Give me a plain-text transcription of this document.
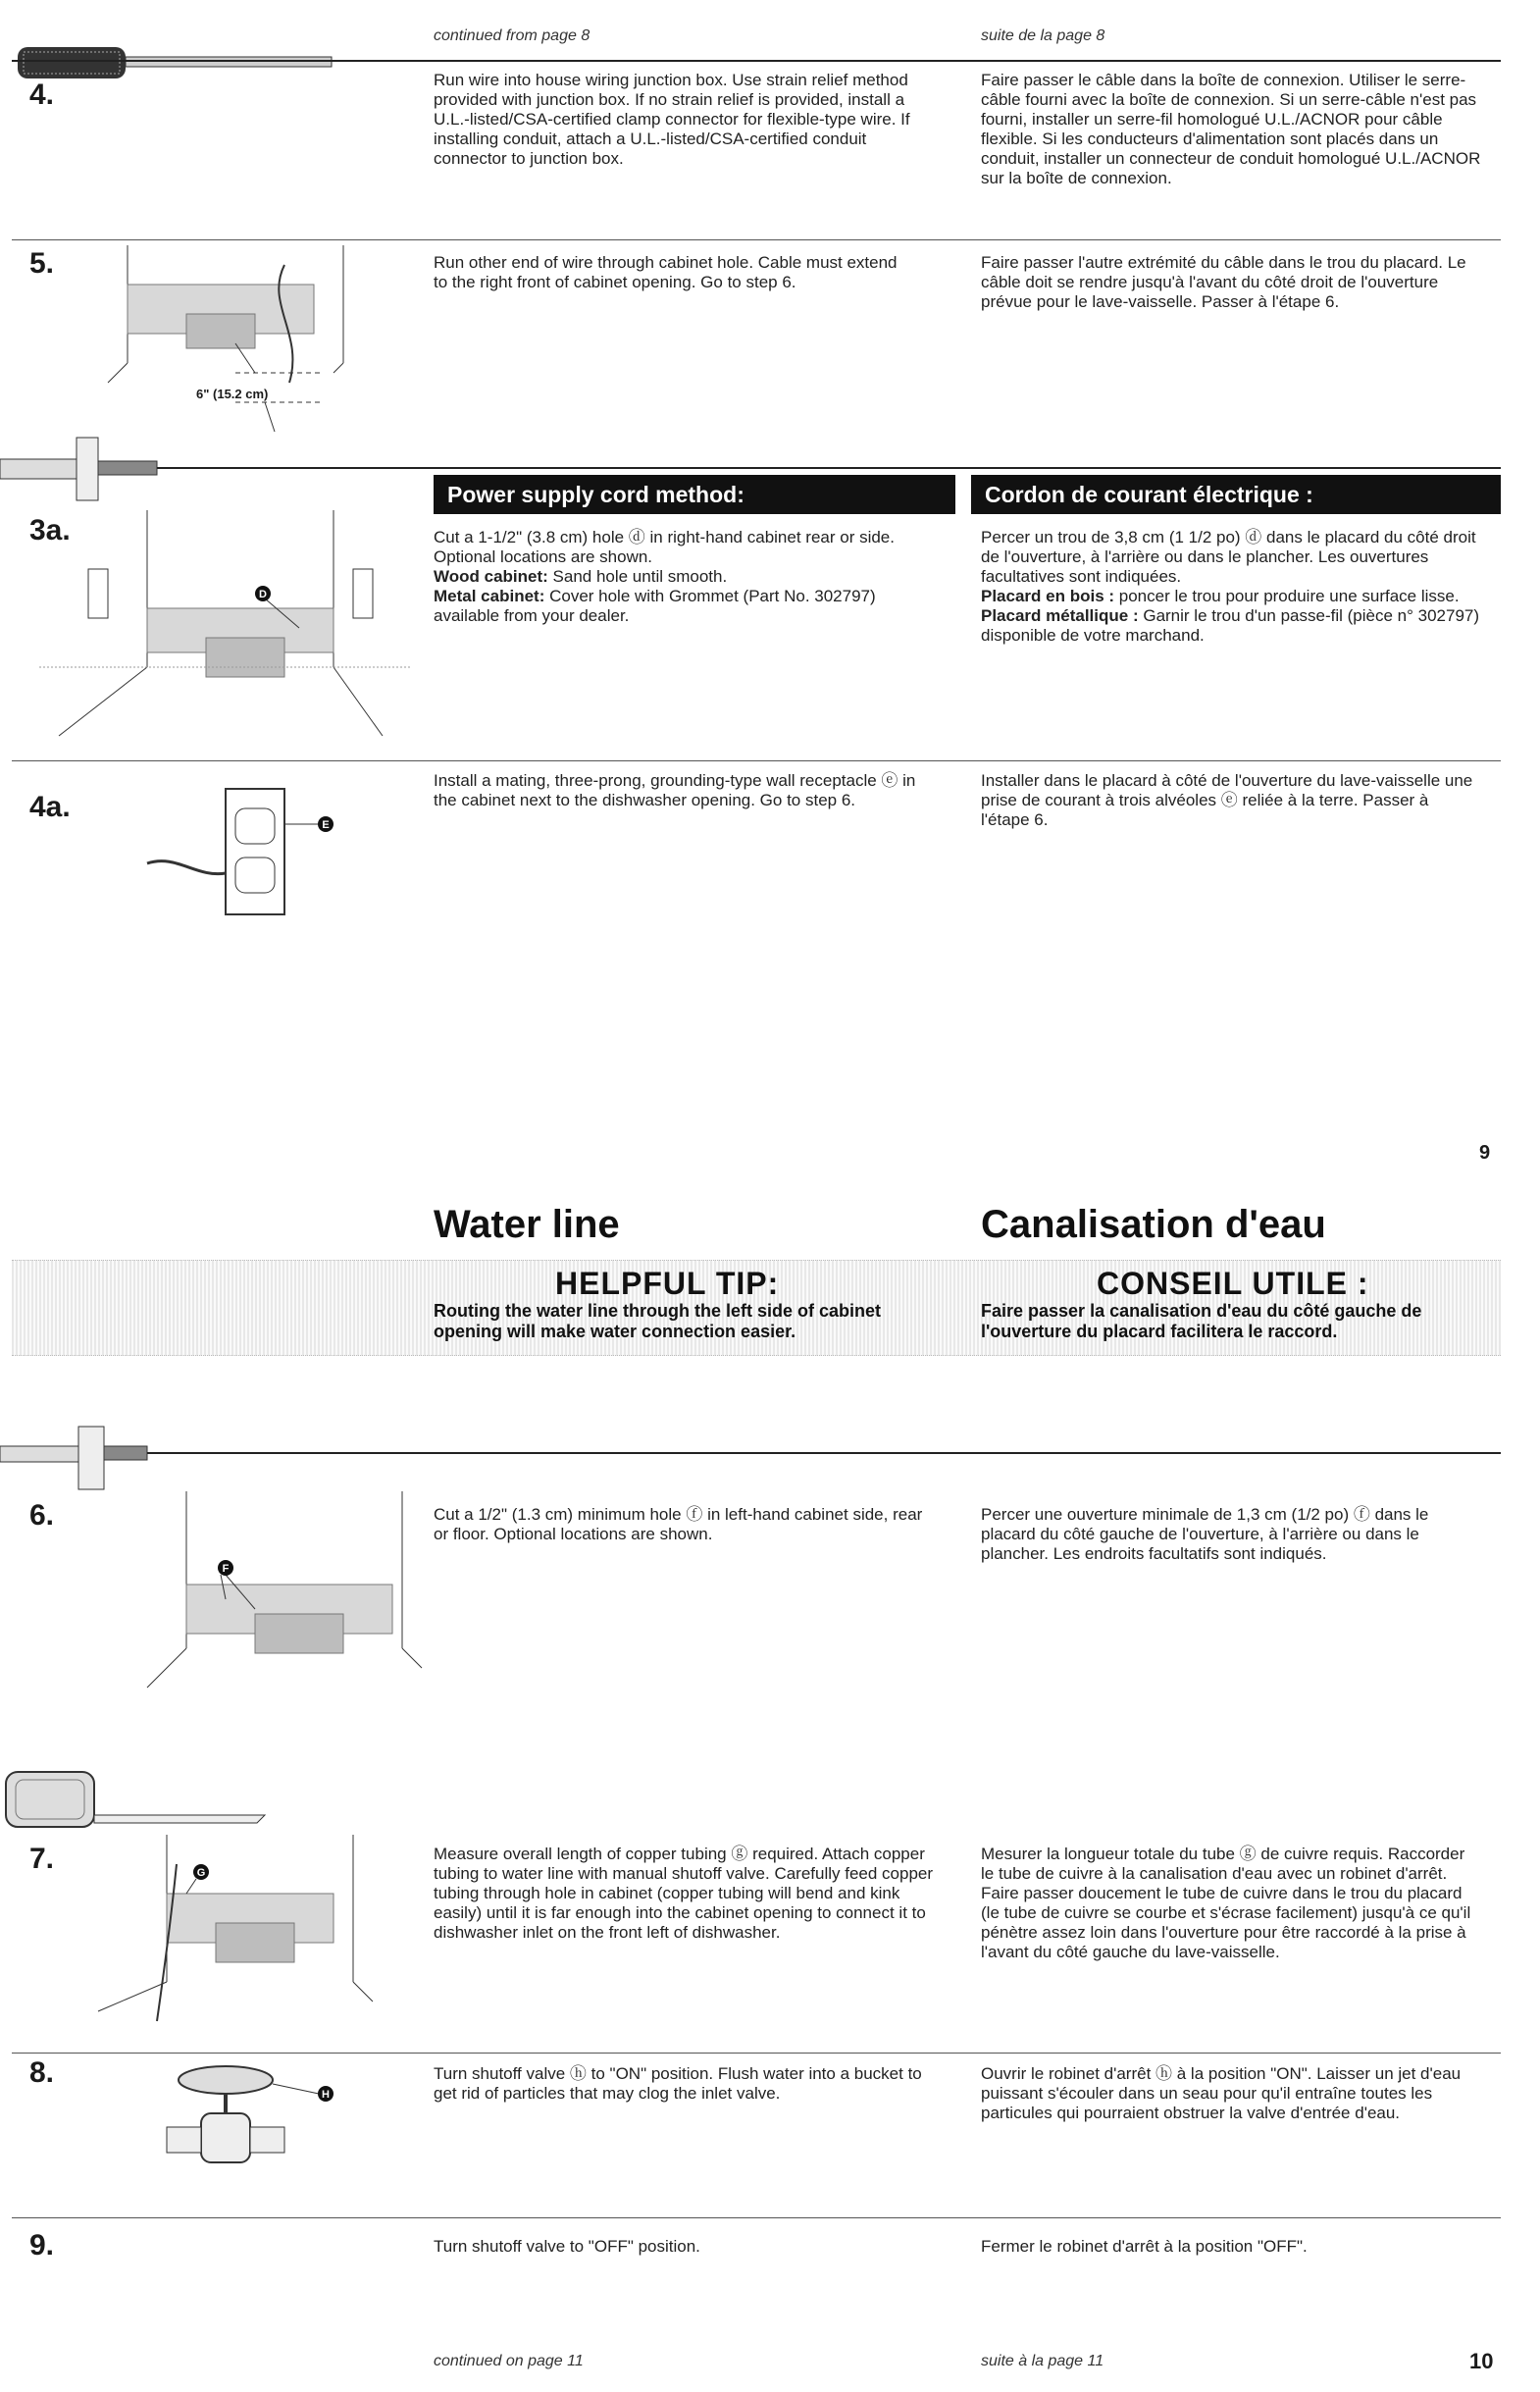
continued from page 8	suite de la page 8
4.	Run wire into house wiring junction box. Use strain relief method provided with junction box. If no strain relief is provided, install a U.L.-listed/CSA-certified clamp connector for flexible-type wire. If installing conduit, attach a U.L.-listed/CSA-certified conduit connector to junction box.
Faire passer le câble dans la boîte de connexion. Utiliser le serre-câble fourni avec la boîte de connexion. Si un serre-câble n'est pas fourni, installer un serre-fil homologué U.L./ACNOR pour câble flexible. Si les conducteurs d'alimentation sont placés dans un conduit, installer un connecteur de conduit homologué U.L./ACNOR sur la boîte de connexion.
5.
6" (15.2 cm)
Run other end of wire through cabinet hole. Cable must extend to the right front of cabinet opening. Go to step 6.
Faire passer l'autre extrémité du câble dans le trou du placard. Le câble doit se rendre jusqu'à l'avant du côté droit de l'ouverture prévue pour le lave-vaisselle. Passer à l'étape 6.
3a.
Power supply cord method:	Cordon de courant électrique :
D
Cut a 1-1/2" (3.8 cm) hole ⓓ in right-hand cabinet rear or side. Optional locations are shown.
Wood cabinet: Sand hole until smooth.
Metal cabinet: Cover hole with Grommet (Part No. 302797) available from your dealer.
Percer un trou de 3,8 cm (1 1/2 po) ⓓ dans le placard du côté droit de l'ouverture, à l'arrière ou dans le plancher. Les ouvertures facultatives sont indiquées.
Placard en bois : poncer le trou pour produire une surface lisse.
Placard métallique : Garnir le trou d'un passe-fil (pièce n° 302797) disponible de votre marchand.
4a.
E
Install a mating, three-prong, grounding-type wall receptacle ⓔ in the cabinet next to the dishwasher opening. Go to step 6.
Installer dans le placard à côté de l'ouverture du lave-vaisselle une prise de courant à trois alvéoles ⓔ reliée à la terre. Passer à l'étape 6.
9
Water line	Canalisation d'eau
HELPFUL TIP:
Routing the water line through the left side of cabinet opening will make water connection easier.
CONSEIL UTILE :
Faire passer la canalisation d'eau du côté gauche de l'ouverture du placard facilitera le raccord.
6.
F
Cut a 1/2" (1.3 cm) minimum hole ⓕ in left-hand cabinet side, rear or floor. Optional locations are shown.
Percer une ouverture minimale de 1,3 cm (1/2 po) ⓕ dans le placard du côté gauche de l'ouverture, à l'arrière ou dans le plancher. Les endroits facultatifs sont indiqués.
7.	G
Measure overall length of copper tubing ⓖ required. Attach copper tubing to water line with manual shutoff valve. Carefully feed copper tubing through hole in cabinet (copper tubing will bend and kink easily) until it is far enough into the cabinet opening to connect it to dishwasher inlet on the front left of dishwasher.
Mesurer la longueur totale du tube ⓖ de cuivre requis. Raccorder le tube de cuivre à la canalisation d'eau avec un robinet d'arrêt. Faire passer doucement le tube de cuivre dans le trou du placard (le tube de cuivre se courbe et s'écrase facilement) jusqu'à ce qu'il pénètre assez loin dans l'ouverture pour être raccordé à la prise à l'avant du côté gauche du lave-vaisselle.
8.
H
Turn shutoff valve ⓗ to "ON" position. Flush water into a bucket to get rid of particles that may clog the inlet valve.
Ouvrir le robinet d'arrêt ⓗ à la position "ON". Laisser un jet d'eau puissant s'écouler dans un seau pour qu'il entraîne toutes les particules qui pourraient obstruer la valve d'entrée d'eau.
9.	Turn shutoff valve to "OFF" position.	Fermer le robinet d'arrêt à la position "OFF".
continued on page 11	suite à la page 11	10
